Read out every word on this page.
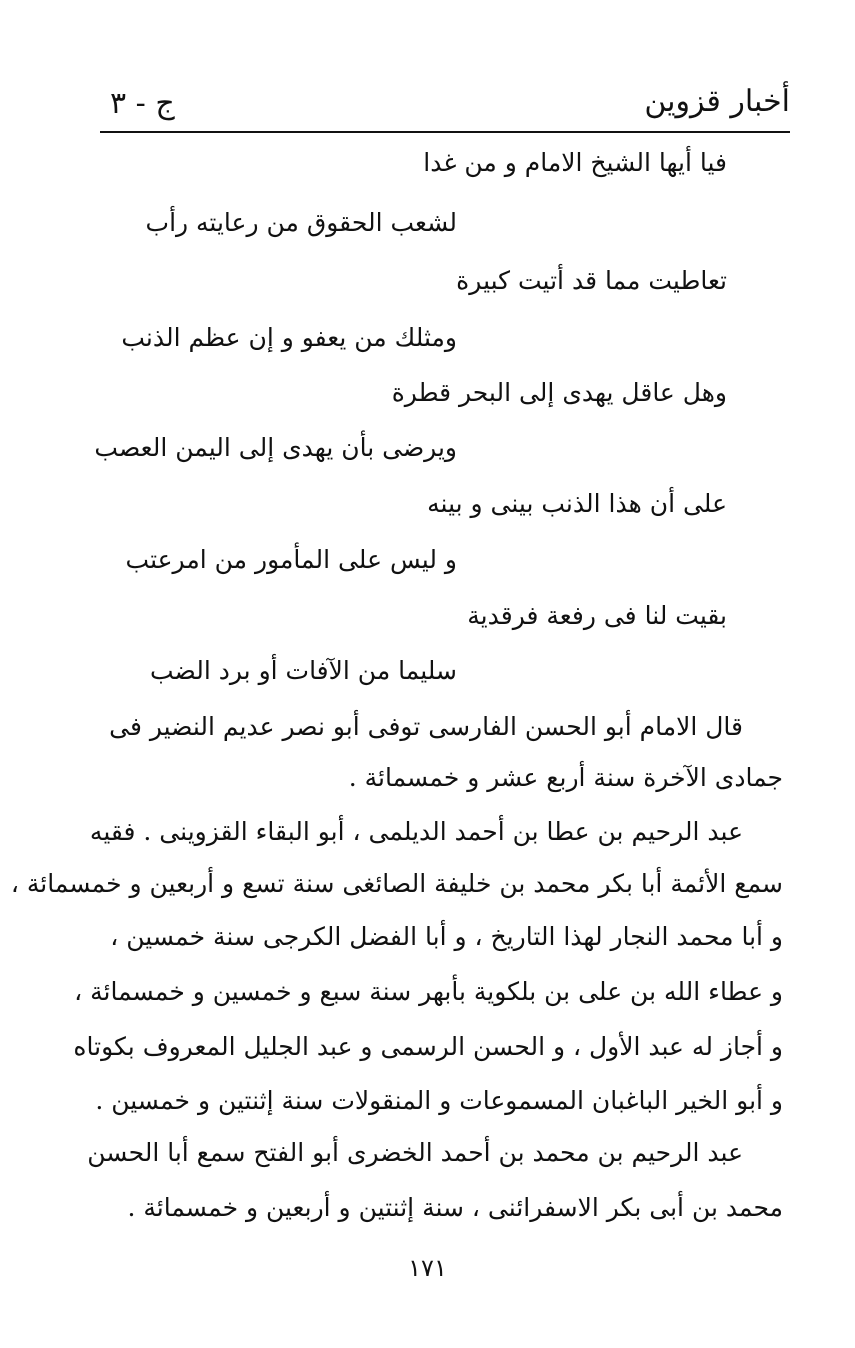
أخبار قزوين
ج - ٣
فيا أيها الشيخ الامام و من غدا
لشعب الحقوق من رعايته رأب
تعاطيت مما قد أتيت كبيرة
ومثلك من يعفو و إن عظم الذنب
وهل عاقل يهدى إلى البحر قطرة
ويرضى بأن يهدى إلى اليمن العصب
على أن هذا الذنب بينى و بينه
و ليس على المأمور من امرعتب
بقيت لنا فى رفعة فرقدية
سليما من الآفات أو برد الضب
قال الامام أبو الحسن الفارسى توفى أبو نصر عديم النضير فى
جمادى الآخرة سنة أربع عشر و خمسمائة .
عبد الرحيم بن عطا بن أحمد الديلمى ، أبو البقاء القزوينى . فقيه
سمع الأئمة أبا بكر محمد بن خليفة الصائغى سنة تسع و أربعين و خمسمائة ،
و أبا محمد النجار لهذا التاريخ ، و أبا الفضل الكرجى سنة خمسين ،
و عطاء الله بن على بن بلكوية بأبهر سنة سبع و خمسين و خمسمائة ،
و أجاز له عبد الأول ، و الحسن الرسمى و عبد الجليل المعروف بكوتاه
و أبو الخير الباغبان المسموعات و المنقولات سنة إثنتين و خمسين .
عبد الرحيم بن محمد بن أحمد الخضرى أبو الفتح سمع أبا الحسن
محمد بن أبى بكر الاسفرائنى ، سنة إثنتين و أربعين و خمسمائة .
١٧١
